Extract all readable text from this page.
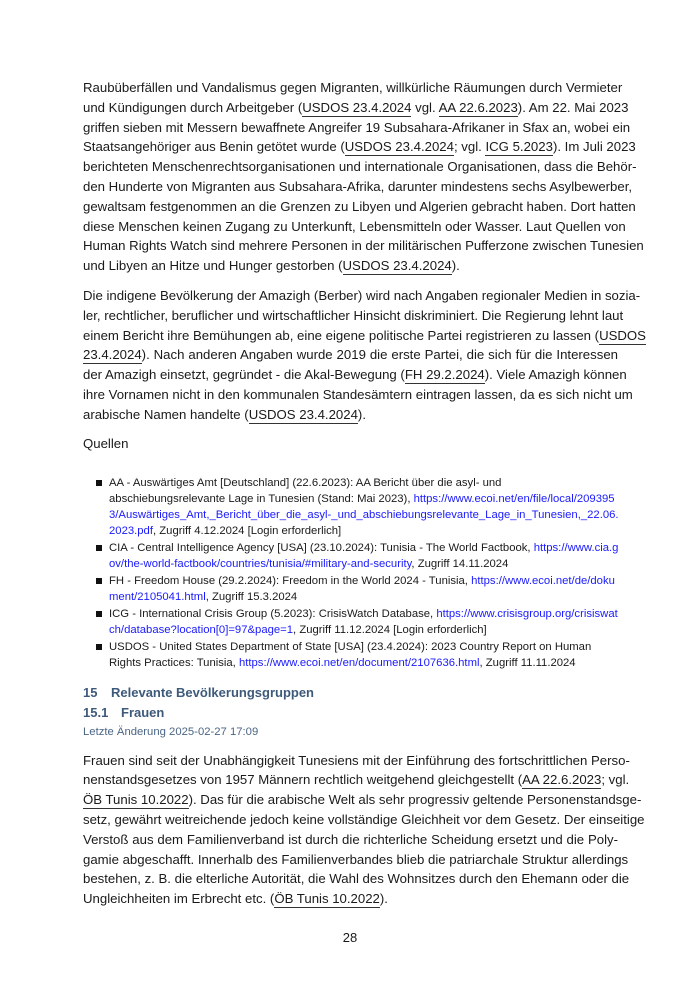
Raubüberfällen und Vandalismus gegen Migranten, willkürliche Räumungen durch Vermieter
und Kündigungen durch Arbeitgeber (USDOS 23.4.2024 vgl. AA 22.6.2023). Am 22. Mai 2023
griffen sieben mit Messern bewaffnete Angreifer 19 Subsahara-Afrikaner in Sfax an, wobei ein
Staatsangehöriger aus Benin getötet wurde (USDOS 23.4.2024; vgl. ICG 5.2023). Im Juli 2023
berichteten Menschenrechtsorganisationen und internationale Organisationen, dass die Behör-
den Hunderte von Migranten aus Subsahara-Afrika, darunter mindestens sechs Asylbewerber,
gewaltsam festgenommen an die Grenzen zu Libyen und Algerien gebracht haben. Dort hatten
diese Menschen keinen Zugang zu Unterkunft, Lebensmitteln oder Wasser. Laut Quellen von
Human Rights Watch sind mehrere Personen in der militärischen Pufferzone zwischen Tunesien
und Libyen an Hitze und Hunger gestorben (USDOS 23.4.2024).
Die indigene Bevölkerung der Amazigh (Berber) wird nach Angaben regionaler Medien in sozia-
ler, rechtlicher, beruflicher und wirtschaftlicher Hinsicht diskriminiert. Die Regierung lehnt laut
einem Bericht ihre Bemühungen ab, eine eigene politische Partei registrieren zu lassen (USDOS
23.4.2024). Nach anderen Angaben wurde 2019 die erste Partei, die sich für die Interessen
der Amazigh einsetzt, gegründet - die Akal-Bewegung (FH 29.2.2024). Viele Amazigh können
ihre Vornamen nicht in den kommunalen Standesämtern eintragen lassen, da es sich nicht um
arabische Namen handelte (USDOS 23.4.2024).
Quellen
AA - Auswärtiges Amt [Deutschland] (22.6.2023): AA Bericht über die asyl- und abschiebungsrelevante Lage in Tunesien (Stand: Mai 2023), https://www.ecoi.net/en/file/local/2093953/Auswärtiges_Amt,_Bericht_über_die_asyl-_und_abschiebungsrelevante_Lage_in_Tunesien,_22.06.2023.pdf, Zugriff 4.12.2024 [Login erforderlich]
CIA - Central Intelligence Agency [USA] (23.10.2024): Tunisia - The World Factbook, https://www.cia.gov/the-world-factbook/countries/tunisia/#military-and-security, Zugriff 14.11.2024
FH - Freedom House (29.2.2024): Freedom in the World 2024 - Tunisia, https://www.ecoi.net/de/dokument/2105041.html, Zugriff 15.3.2024
ICG - International Crisis Group (5.2023): CrisisWatch Database, https://www.crisisgroup.org/crisiswatch/database?location[0]=97&page=1, Zugriff 11.12.2024 [Login erforderlich]
USDOS - United States Department of State [USA] (23.4.2024): 2023 Country Report on Human Rights Practices: Tunisia, https://www.ecoi.net/en/document/2107636.html, Zugriff 11.11.2024
15 Relevante Bevölkerungsgruppen
15.1 Frauen
Letzte Änderung 2025-02-27 17:09
Frauen sind seit der Unabhängigkeit Tunesiens mit der Einführung des fortschrittlichen Perso-
nenstandsgesetzes von 1957 Männern rechtlich weitgehend gleichgestellt (AA 22.6.2023; vgl.
ÖB Tunis 10.2022). Das für die arabische Welt als sehr progressiv geltende Personenstandsge-
setz, gewährt weitreichende jedoch keine vollständige Gleichheit vor dem Gesetz. Der einseitige
Verstoß aus dem Familienverband ist durch die richterliche Scheidung ersetzt und die Poly-
gamie abgeschafft. Innerhalb des Familienverbandes blieb die patriarchale Struktur allerdings
bestehen, z. B. die elterliche Autorität, die Wahl des Wohnsitzes durch den Ehemann oder die
Ungleichheiten im Erbrecht etc. (ÖB Tunis 10.2022).
28
